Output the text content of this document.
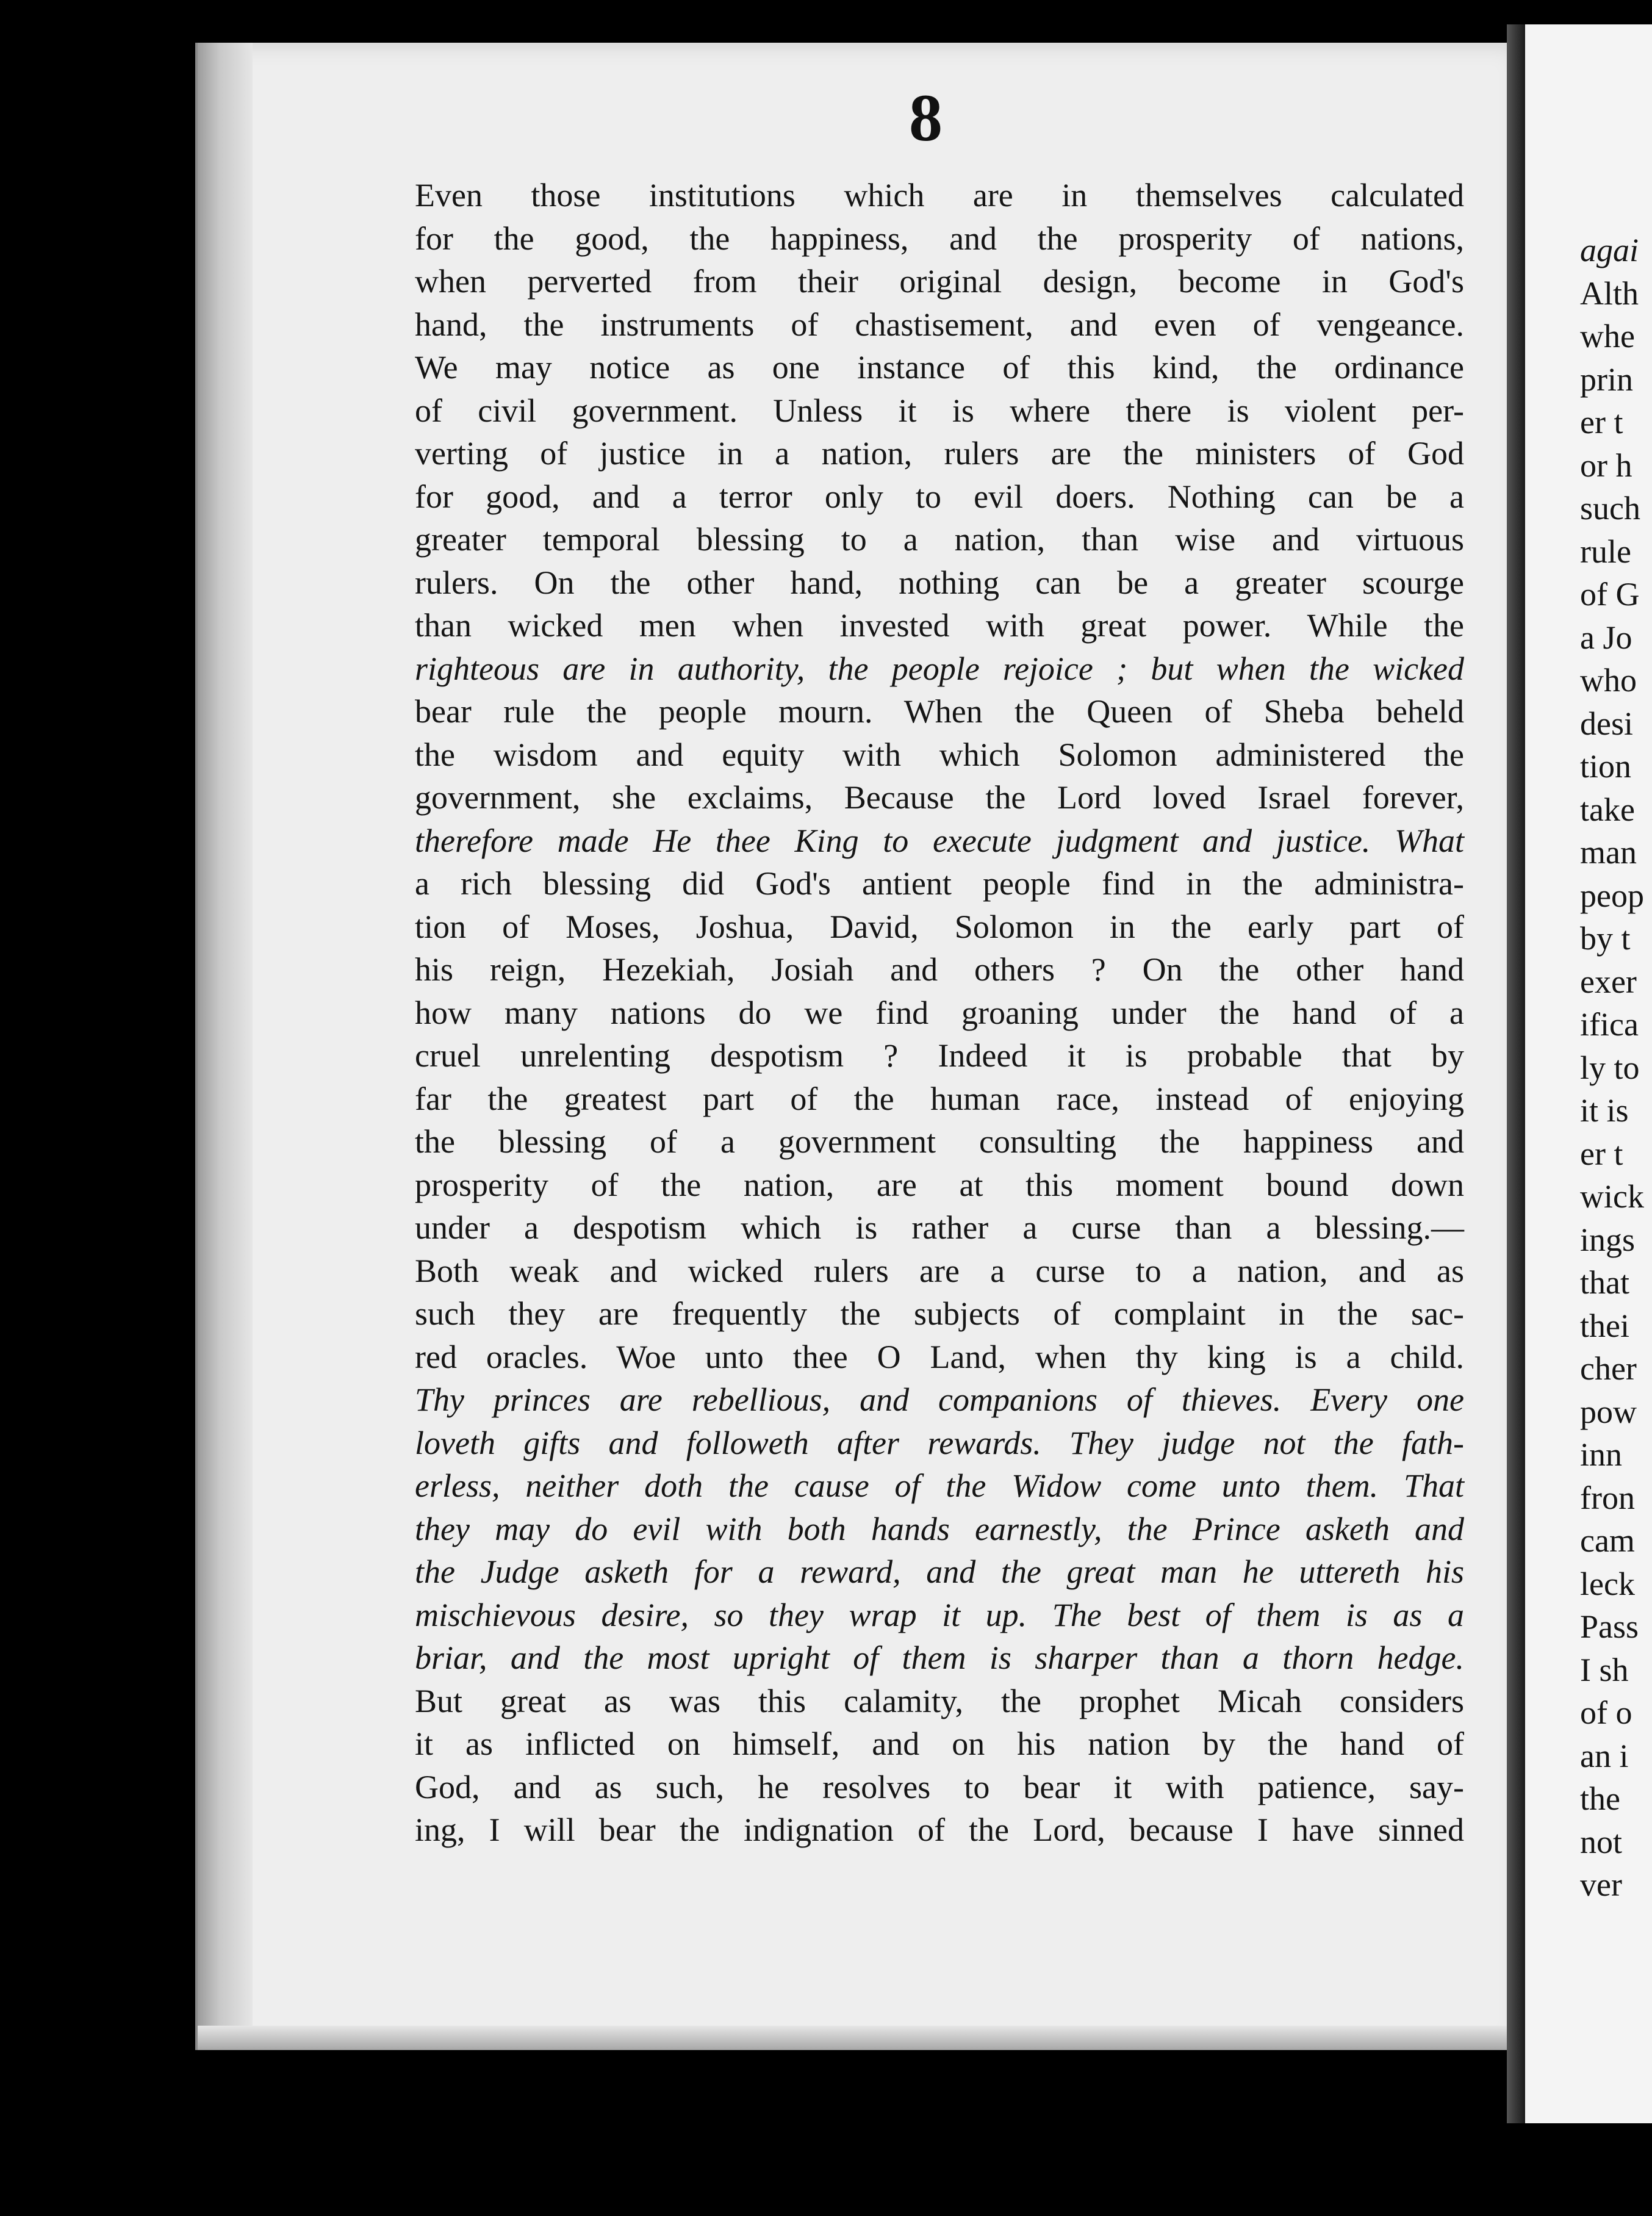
8
Even those institutions which are in themselves calculated
for the good, the happiness, and the prosperity of nations,
when perverted from their original design, become in God's
hand, the instruments of chastisement, and even of vengeance.
We may notice as one instance of this kind, the ordinance
of civil government. Unless it is where there is violent per-
verting of justice in a nation, rulers are the ministers of God
for good, and a terror only to evil doers. Nothing can be a
greater temporal blessing to a nation, than wise and virtuous
rulers. On the other hand, nothing can be a greater scourge
than wicked men when invested with great power. While the
righteous are in authority, the people rejoice ; but when the wicked
bear rule the people mourn. When the Queen of Sheba beheld
the wisdom and equity with which Solomon administered the
government, she exclaims, Because the Lord loved Israel forever,
therefore made He thee King to execute judgment and justice. What
a rich blessing did God's antient people find in the administra-
tion of Moses, Joshua, David, Solomon in the early part of
his reign, Hezekiah, Josiah and others ? On the other hand
how many nations do we find groaning under the hand of a
cruel unrelenting despotism ? Indeed it is probable that by
far the greatest part of the human race, instead of enjoying
the blessing of a government consulting the happiness and
prosperity of the nation, are at this moment bound down
under a despotism which is rather a curse than a blessing.—
Both weak and wicked rulers are a curse to a nation, and as
such they are frequently the subjects of complaint in the sac-
red oracles. Woe unto thee O Land, when thy king is a child.
Thy princes are rebellious, and companions of thieves. Every one
loveth gifts and followeth after rewards. They judge not the fath-
erless, neither doth the cause of the Widow come unto them. That
they may do evil with both hands earnestly, the Prince asketh and
the Judge asketh for a reward, and the great man he uttereth his
mischievous desire, so they wrap it up. The best of them is as a
briar, and the most upright of them is sharper than a thorn hedge.
But great as was this calamity, the prophet Micah considers
it as inflicted on himself, and on his nation by the hand of
God, and as such, he resolves to bear it with patience, say-
ing, I will bear the indignation of the Lord, because I have sinned
agai
Alth
whe
prin
er t
or h
such
rule
of G
a Jo
who
desi
tion
take
man
peop
by t
exer
ifica
ly to
it is
er t
wick
ings
that
thei
cher
pow
inn
fron
cam
leck
Pass
I sh
of o
an i
the
not
ver
